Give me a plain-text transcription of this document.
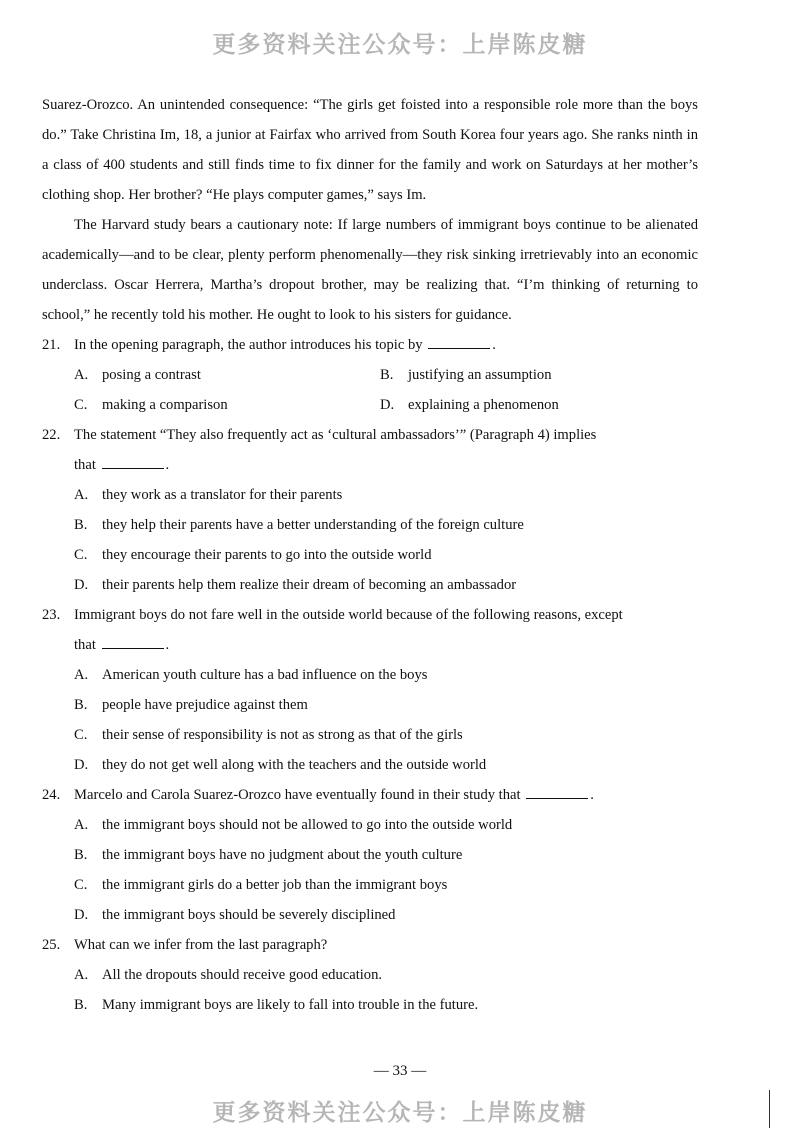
更多资料关注公众号：上岸陈皮糖

Suarez-Orozco. An unintended consequence: “The girls get foisted into a responsible role more than the boys do.” Take Christina Im, 18, a junior at Fairfax who arrived from South Korea four years ago. She ranks ninth in a class of 400 students and still finds time to fix dinner for the family and work on Saturdays at her mother’s clothing shop. Her brother? “He plays computer games,” says Im.

The Harvard study bears a cautionary note: If large numbers of immigrant boys continue to be alienated academically—and to be clear, plenty perform phenomenally—they risk sinking irretrievably into an economic underclass. Oscar Herrera, Martha’s dropout brother, may be realizing that. “I’m thinking of returning to school,” he recently told his mother. He ought to look to his sisters for guidance.

21. In the opening paragraph, the author introduces his topic by	.
A. posing a contrast	B.	justifying an assumption
C.	making a comparison	D. explaining a phenomenon
22. The statement “They also frequently act as ‘cultural ambassadors’” (Paragraph 4) implies
that	.
A. they work as a translator for their parents
B.	they help their parents have a better understanding of the foreign culture
C.	they encourage their parents to go into the outside world
D. their parents help them realize their dream of becoming an ambassador
23. Immigrant boys do not fare well in the outside world because of the following reasons, except
that	.
A. American youth culture has a bad influence on the boys
B.	people have prejudice against them
C.	their sense of responsibility is not as strong as that of the girls
D. they do not get well along with the teachers and the outside world
24. Marcelo and Carola Suarez-Orozco have eventually found in their study that	.
A. the immigrant boys should not be allowed to go into the outside world
B.	the immigrant boys have no judgment about the youth culture
C.	the immigrant girls do a better job than the immigrant boys
D. the immigrant boys should be severely disciplined
25. What can we infer from the last paragraph?
A. All the dropouts should receive good education.
B.	Many immigrant boys are likely to fall into trouble in the future.
— 33 —
更多资料关注公众号：上岸陈皮糖
